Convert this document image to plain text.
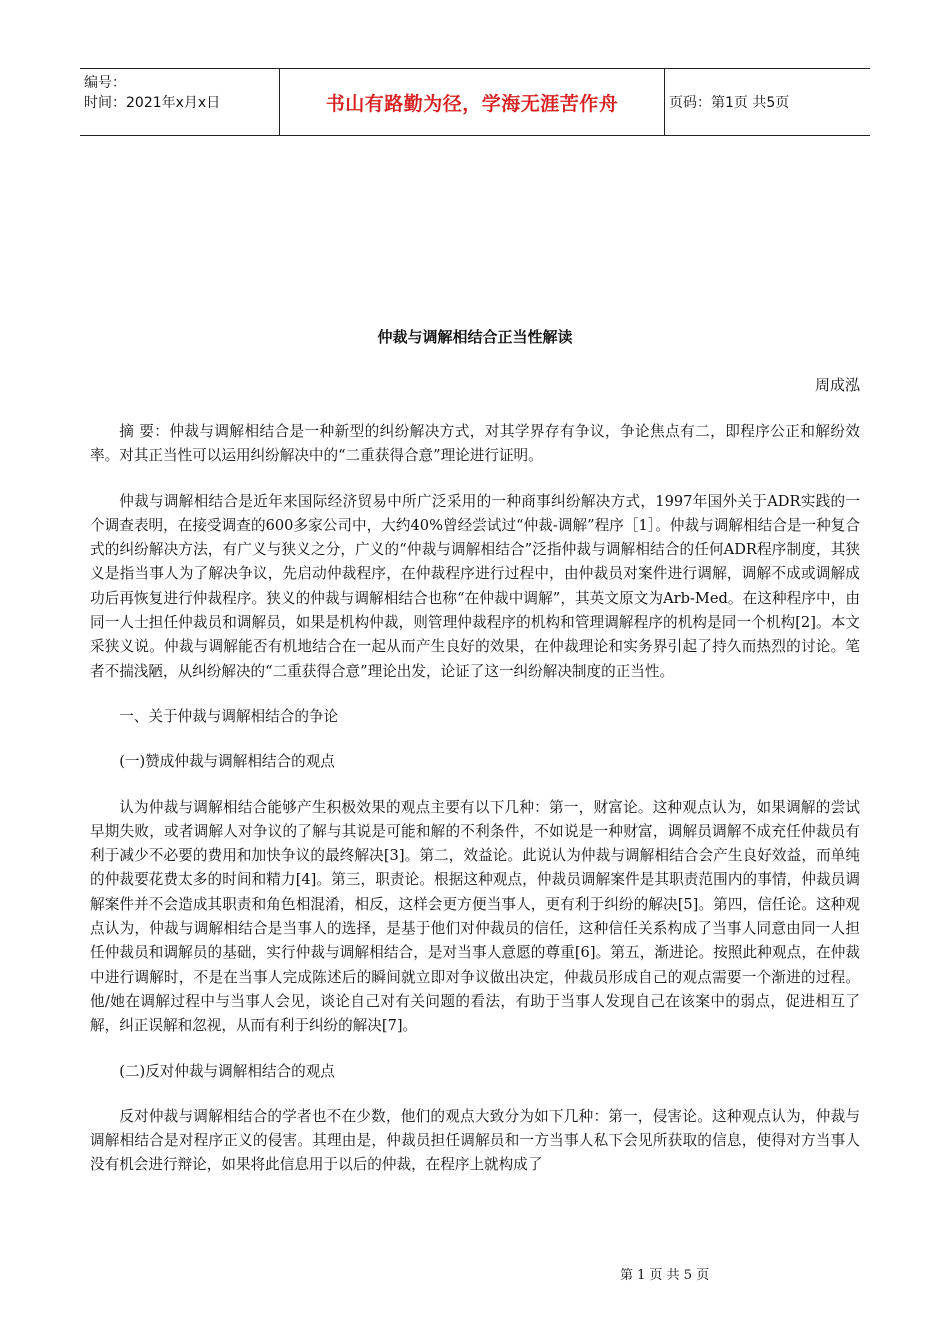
编号：
时间：2021年x月x日	书山有路勤为径，学海无涯苦作舟	页码：第1页 共5页
仲裁与调解相结合正当性解读
周成泓

摘 要：仲裁与调解相结合是一种新型的纠纷解决方式，对其学界存有争议，争论焦点有二，即程序公正和解纷效率。对其正当性可以运用纠纷解决中的“二重获得合意”理论进行证明。

仲裁与调解相结合是近年来国际经济贸易中所广泛采用的一种商事纠纷解决方式，1997年国外关于ADR实践的一个调查表明，在接受调查的600多家公司中，大约40%曾经尝试过“仲裁-调解”程序［1］。仲裁与调解相结合是一种复合式的纠纷解决方法，有广义与狭义之分，广义的“仲裁与调解相结合”泛指仲裁与调解相结合的任何ADR程序制度，其狭义是指当事人为了解决争议，先启动仲裁程序，在仲裁程序进行过程中，由仲裁员对案件进行调解，调解不成或调解成功后再恢复进行仲裁程序。狭义的仲裁与调解相结合也称“在仲裁中调解”，其英文原文为Arb-Med。在这种程序中，由同一人士担任仲裁员和调解员，如果是机构仲裁，则管理仲裁程序的机构和管理调解程序的机构是同一个机构[2]。本文采狭义说。仲裁与调解能否有机地结合在一起从而产生良好的效果，在仲裁理论和实务界引起了持久而热烈的讨论。笔者不揣浅陋，从纠纷解决的“二重获得合意”理论出发，论证了这一纠纷解决制度的正当性。

一、关于仲裁与调解相结合的争论

(一)赞成仲裁与调解相结合的观点

认为仲裁与调解相结合能够产生积极效果的观点主要有以下几种：第一，财富论。这种观点认为，如果调解的尝试早期失败，或者调解人对争议的了解与其说是可能和解的不利条件，不如说是一种财富，调解员调解不成充任仲裁员有利于减少不必要的费用和加快争议的最终解决[3]。第二，效益论。此说认为仲裁与调解相结合会产生良好效益，而单纯的仲裁要花费太多的时间和精力[4]。第三，职责论。根据这种观点，仲裁员调解案件是其职责范围内的事情，仲裁员调解案件并不会造成其职责和角色相混淆，相反，这样会更方便当事人，更有利于纠纷的解决[5]。第四，信任论。这种观点认为，仲裁与调解相结合是当事人的选择，是基于他们对仲裁员的信任，这种信任关系构成了当事人同意由同一人担任仲裁员和调解员的基础，实行仲裁与调解相结合，是对当事人意愿的尊重[6]。第五，渐进论。按照此种观点，在仲裁中进行调解时，不是在当事人完成陈述后的瞬间就立即对争议做出决定，仲裁员形成自己的观点需要一个渐进的过程。他/她在调解过程中与当事人会见，谈论自己对有关问题的看法，有助于当事人发现自己在该案中的弱点，促进相互了解，纠正误解和忽视，从而有利于纠纷的解决[7]。

(二)反对仲裁与调解相结合的观点

反对仲裁与调解相结合的学者也不在少数，他们的观点大致分为如下几种：第一，侵害论。这种观点认为，仲裁与调解相结合是对程序正义的侵害。其理由是，仲裁员担任调解员和一方当事人私下会见所获取的信息，使得对方当事人没有机会进行辩论，如果将此信息用于以后的仲裁，在程序上就构成了

第 1 页 共 5 页
